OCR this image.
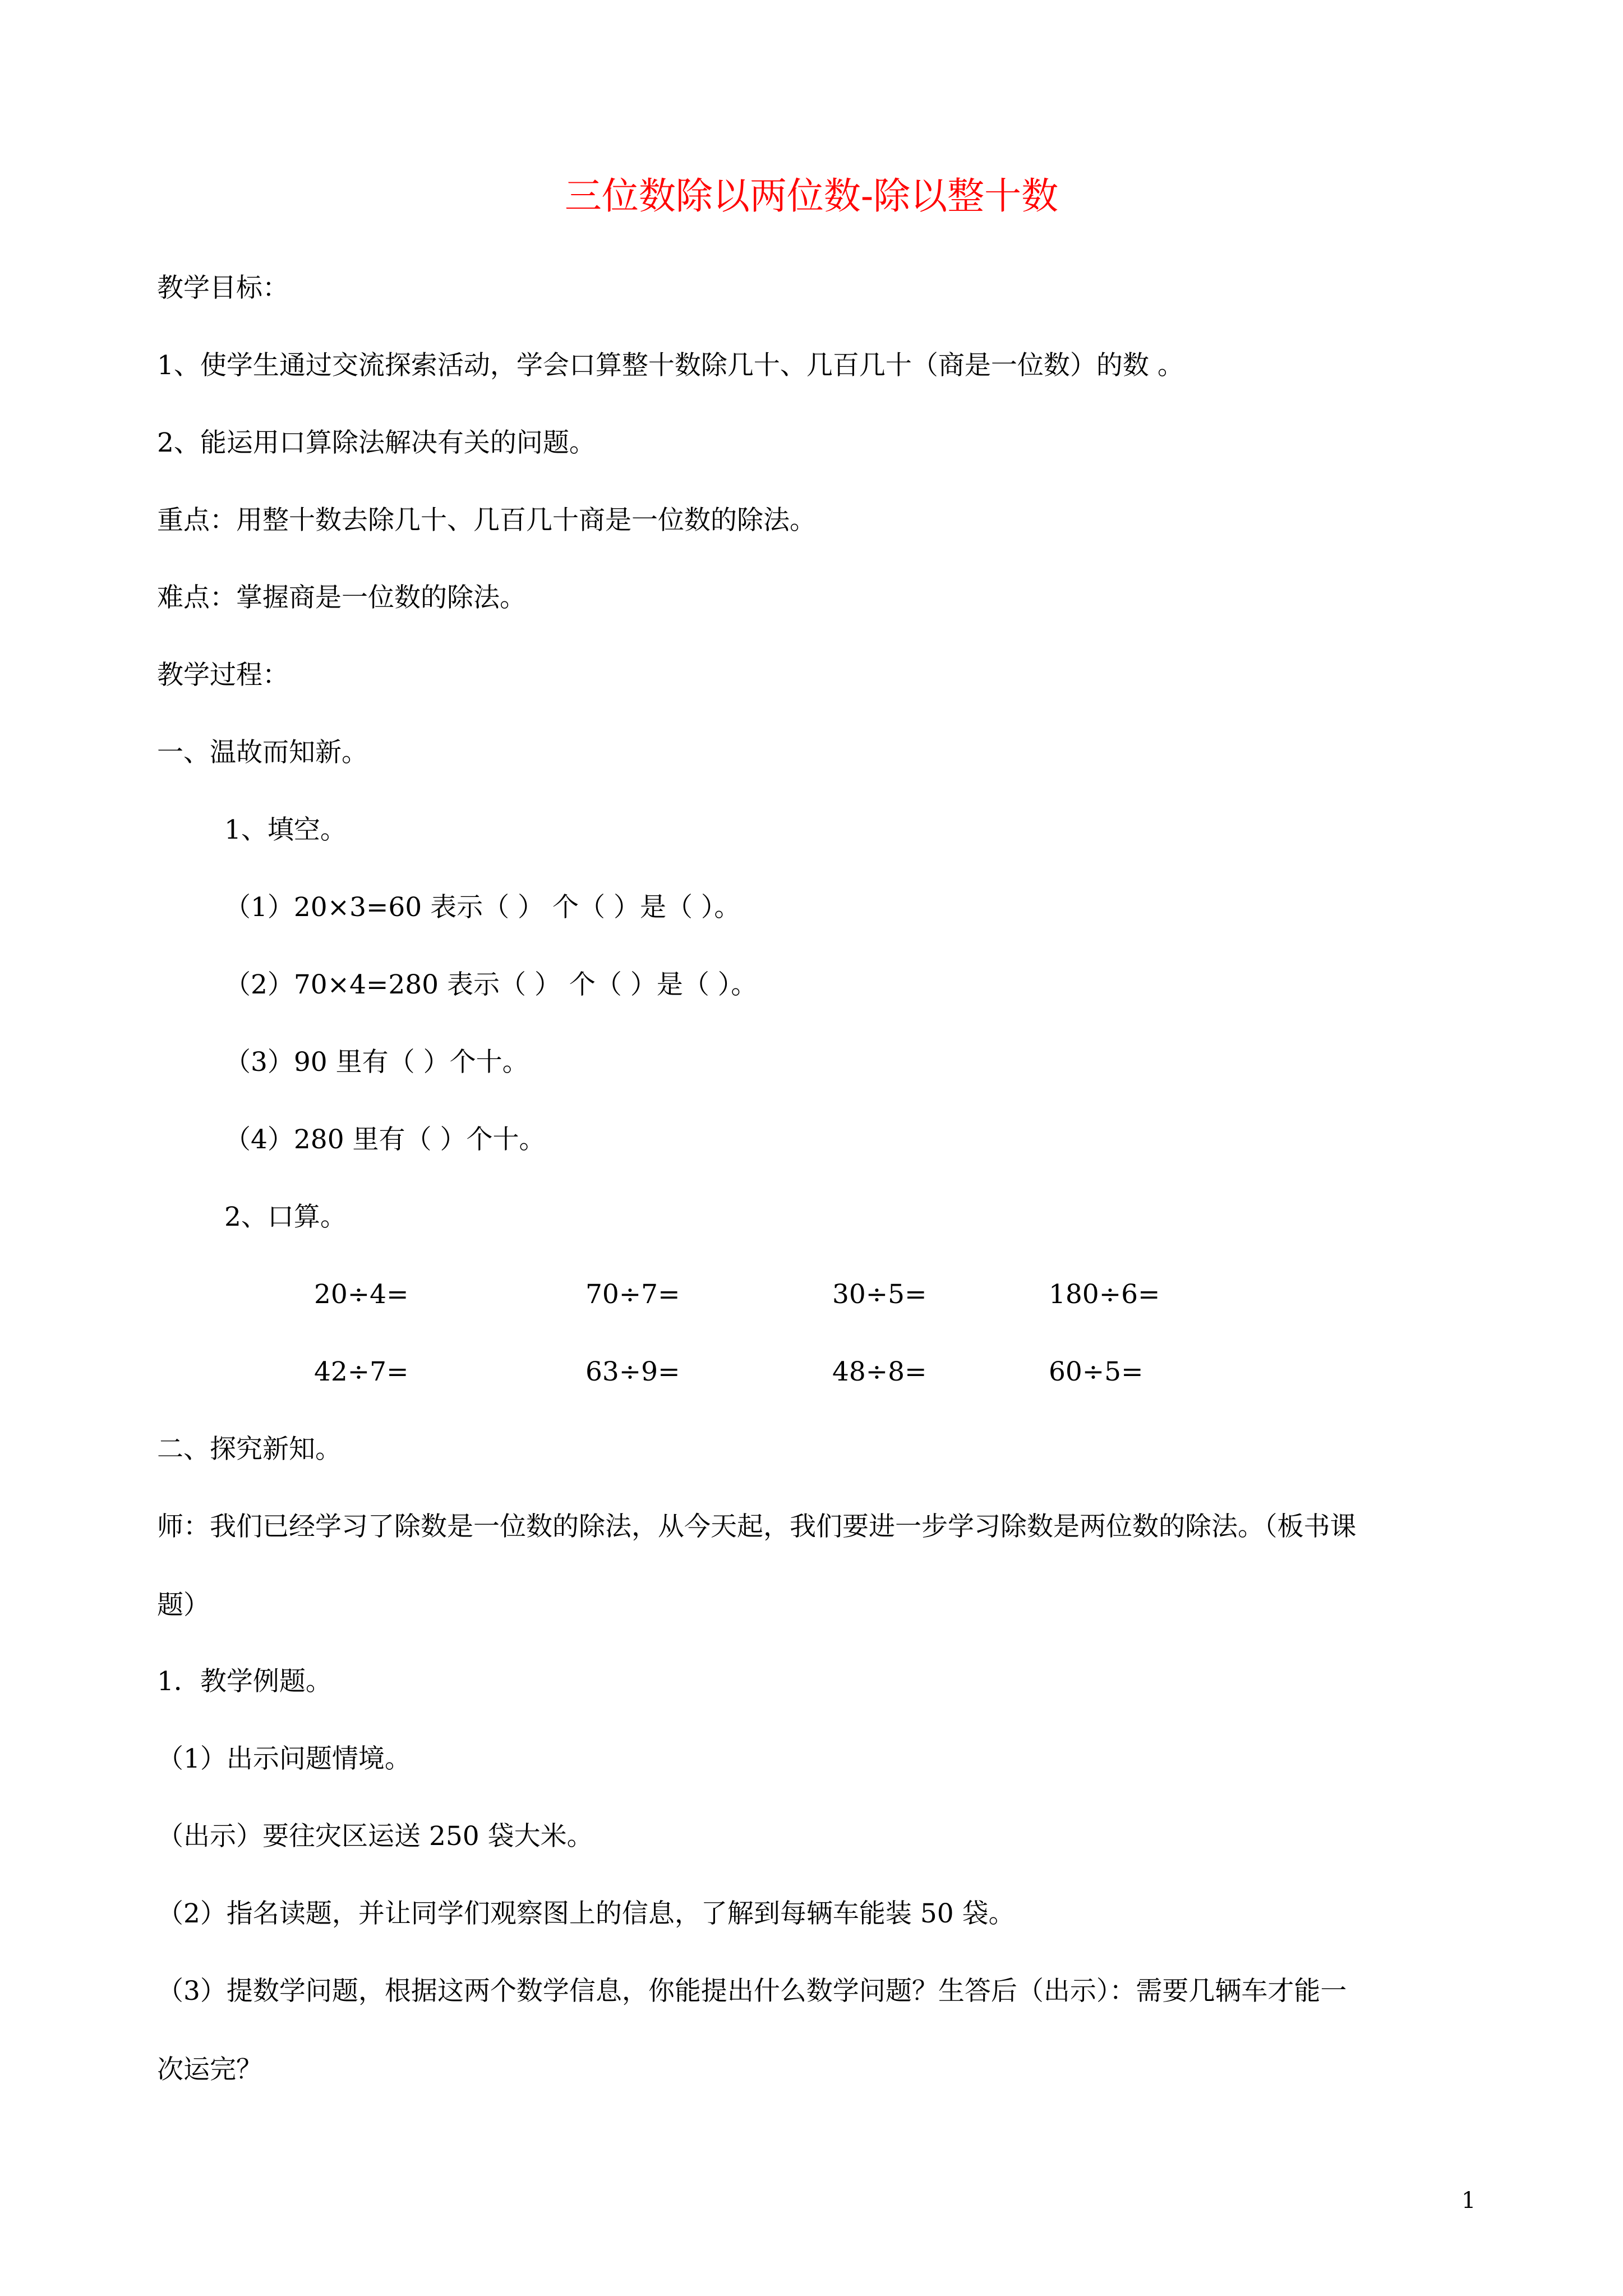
三位数除以两位数-除以整十数
教学目标：
1、使学生通过交流探索活动，学会口算整十数除几十、几百几十（商是一位数）的数 。
2、能运用口算除法解决有关的问题。
重点：用整十数去除几十、几百几十商是一位数的除法。
难点：掌握商是一位数的除法。
教学过程：
一、温故而知新。
1、填空。
（1）20×3=60 表示（ ） 个（ ）是（ ）。
（2）70×4=280 表示（ ） 个（ ）是（ ）。
（3）90 里有（ ）个十。
（4）280 里有（ ）个十。
2、口算。
20÷4=	70÷7=	30÷5=	180÷6=
42÷7=	63÷9=	48÷8=	60÷5=
二、探究新知。
师：我们已经学习了除数是一位数的除法，从今天起，我们要进一步学习除数是两位数的除法。（板书课
题）
1．教学例题。
（1）出示问题情境。
（出示）要往灾区运送 250 袋大米。
（2）指名读题，并让同学们观察图上的信息，了解到每辆车能装 50 袋。
（3）提数学问题，根据这两个数学信息，你能提出什么数学问题？生答后（出示）：需要几辆车才能一
次运完？
1
